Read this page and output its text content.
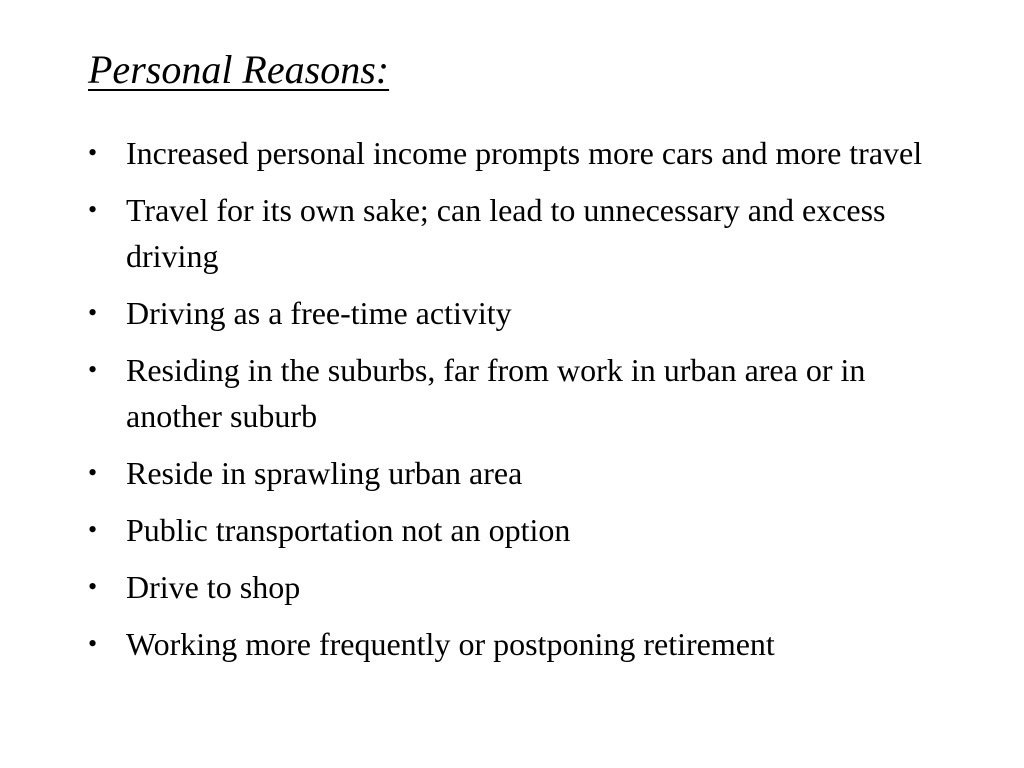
Personal Reasons:
• Increased personal income prompts more cars and more travel
• Travel for its own sake; can lead to unnecessary and excess driving
• Driving as a free-time activity
• Residing in the suburbs, far from work in urban area or in another suburb
• Reside in sprawling urban area
• Public transportation not an option
• Drive to shop
• Working more frequently or postponing retirement
